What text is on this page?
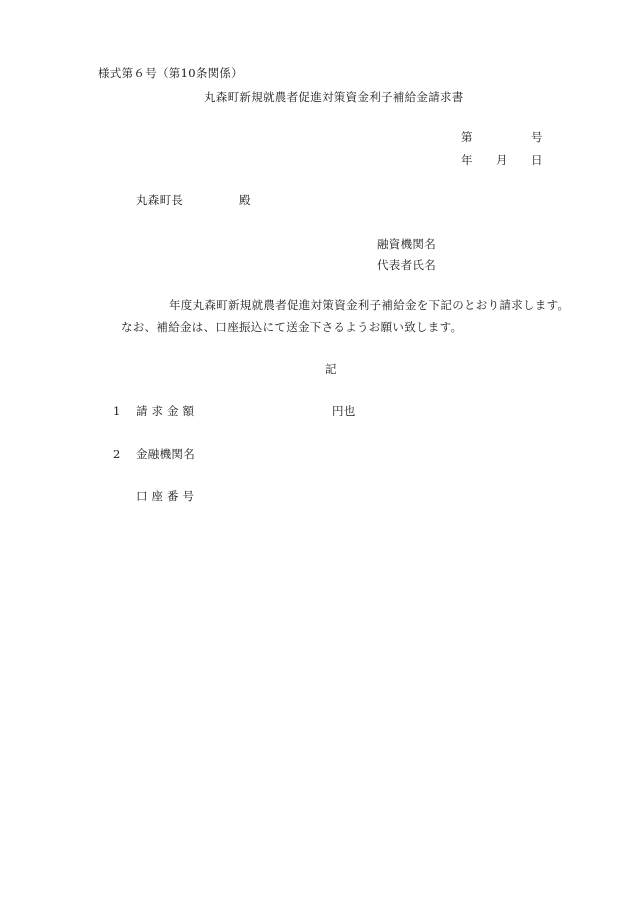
様式第６号（第10条関係）
丸森町新規就農者促進対策資金利子補給金請求書
第	号
年 月 日
丸森町長	殿
融資機関名
代表者氏名
年度丸森町新規就農者促進対策資金利子補給金を下記のとおり請求します。
なお、補給金は、口座振込にて送金下さるようお願い致します。
記
1 請求金額	円也
2 金融機関名
口座番号
